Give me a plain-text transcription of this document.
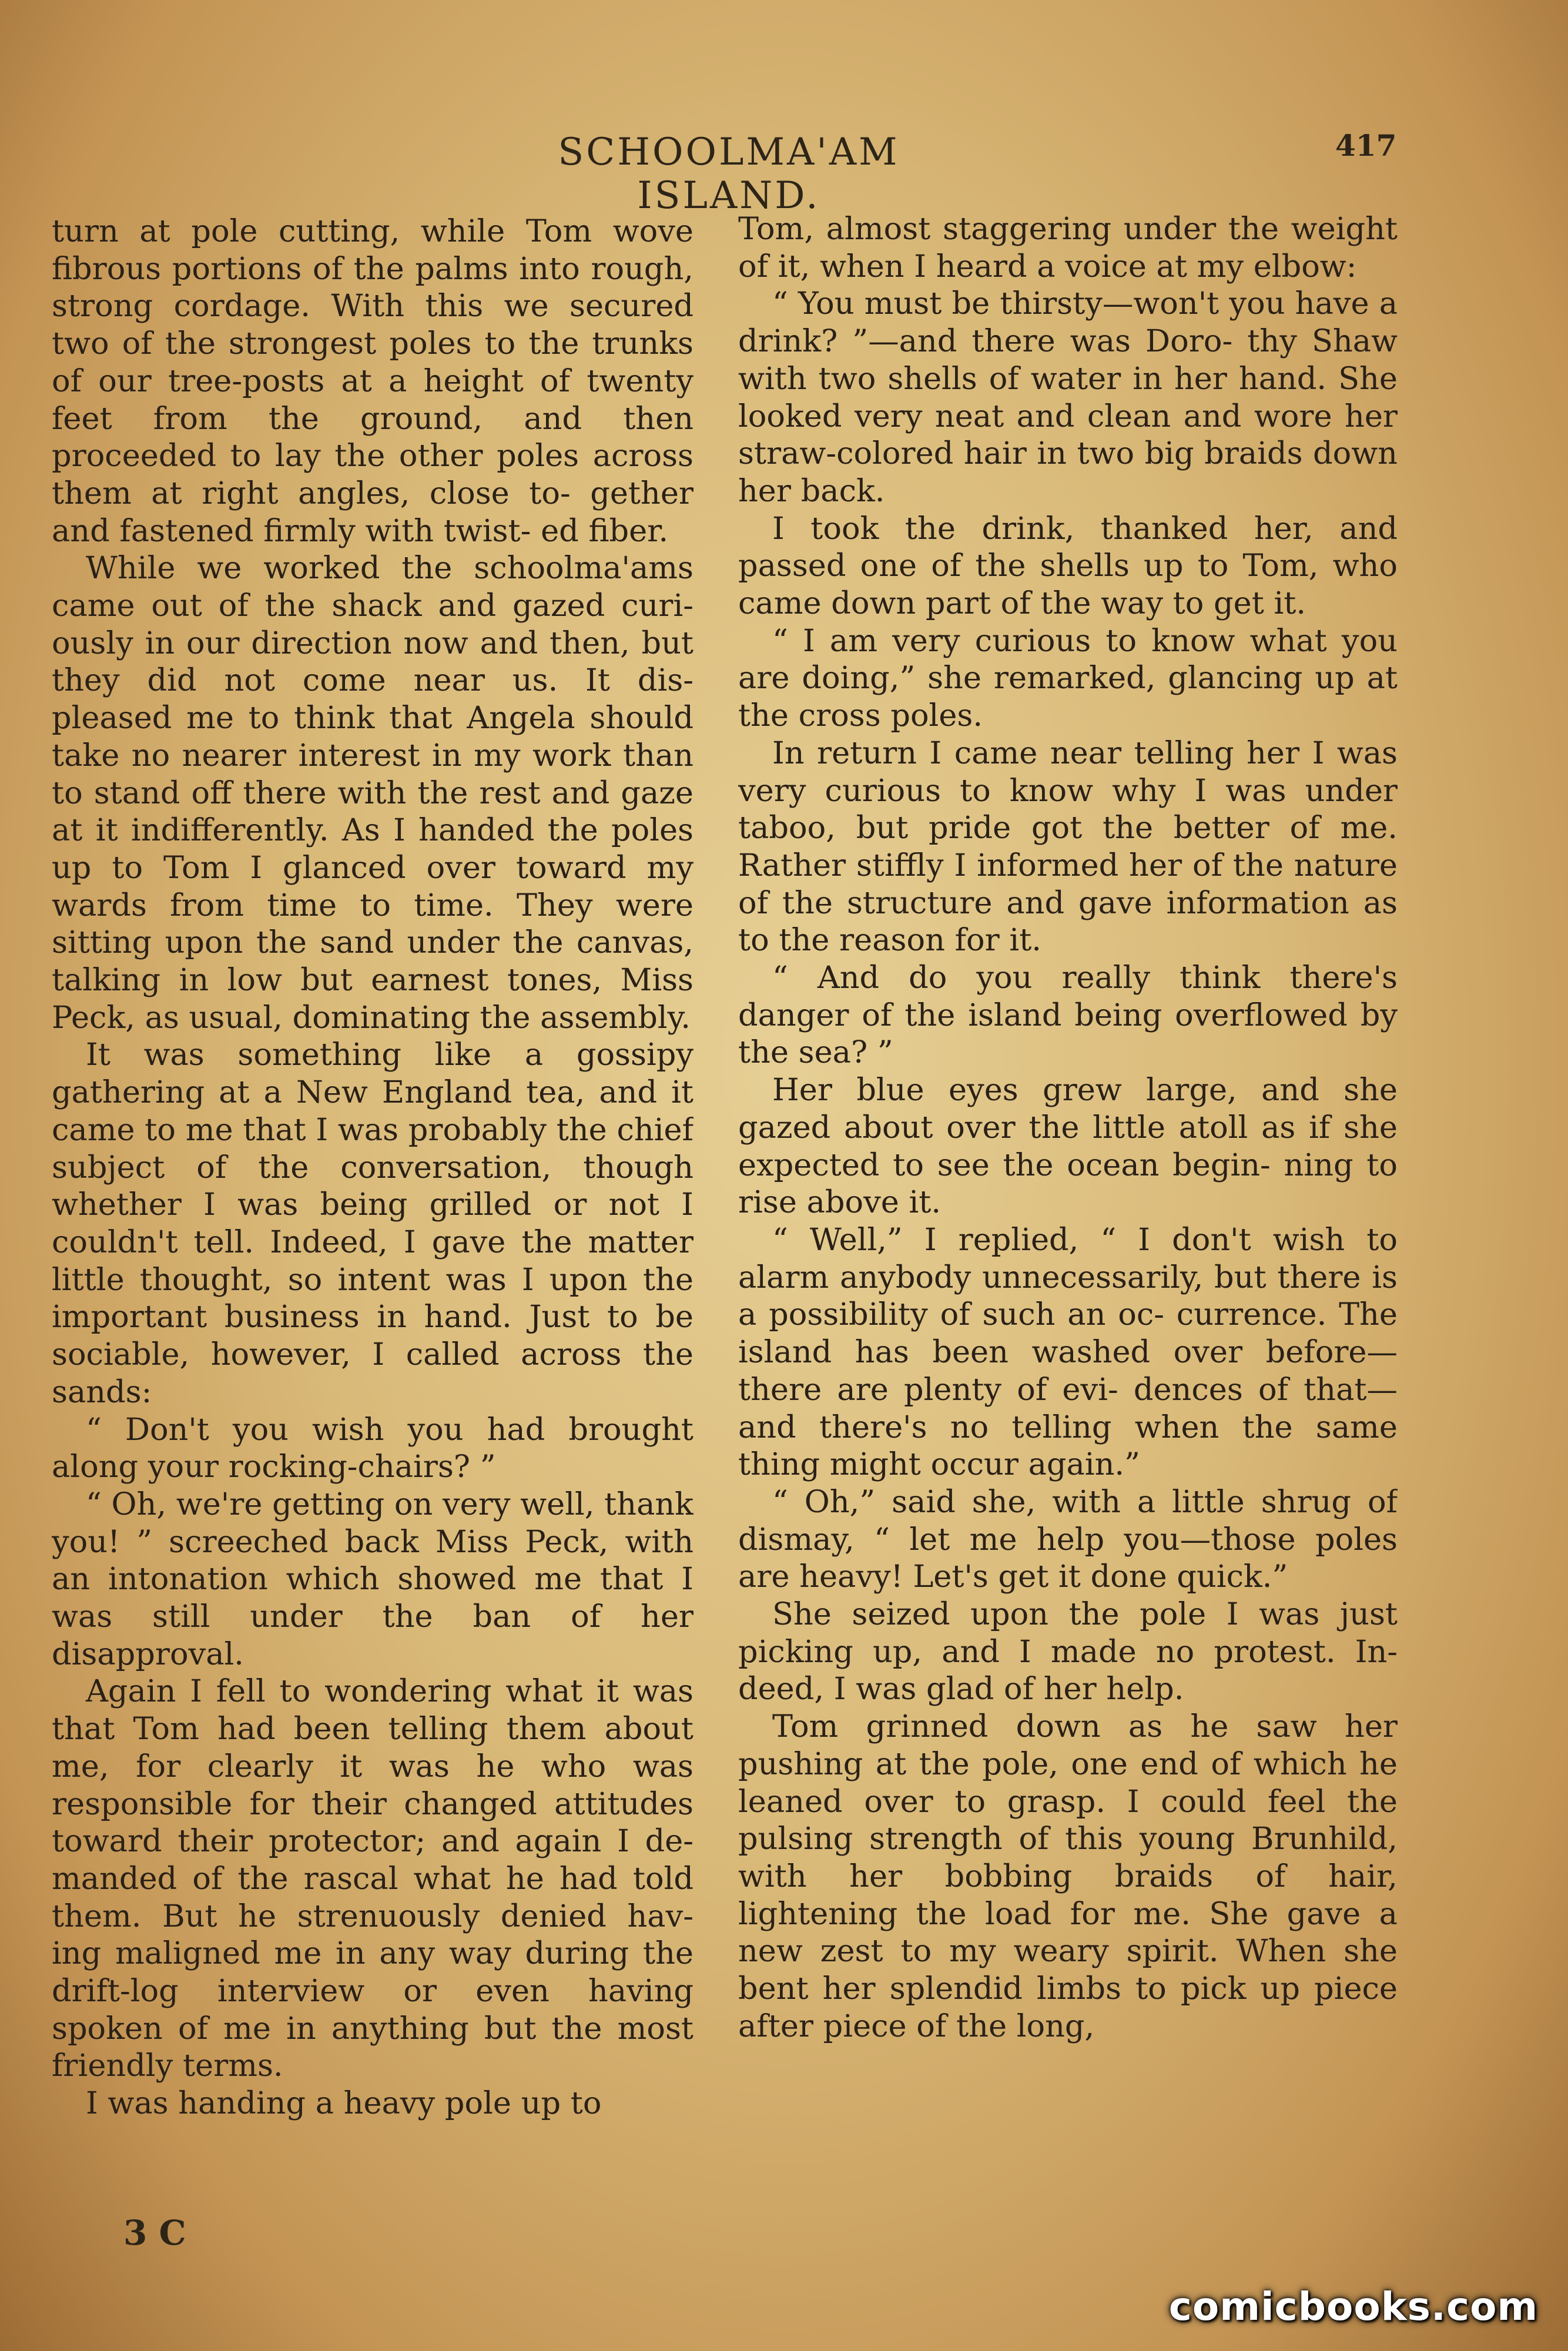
SCHOOLMA'AM ISLAND.
417

turn at pole cutting, while Tom wove fibrous portions of the palms into rough, strong cordage. With this we secured two of the strongest poles to the trunks of our tree-posts at a height of twenty feet from the ground, and then proceeded to lay the other poles across them at right angles, close to- gether and fastened firmly with twist- ed fiber.

While we worked the schoolma'ams came out of the shack and gazed curi- ously in our direction now and then, but they did not come near us. It dis- pleased me to think that Angela should take no nearer interest in my work than to stand off there with the rest and gaze at it indifferently. As I handed the poles up to Tom I glanced over toward my wards from time to time. They were sitting upon the sand under the canvas, talking in low but earnest tones, Miss Peck, as usual, dominating the assembly.

It was something like a gossipy gathering at a New England tea, and it came to me that I was probably the chief subject of the conversation, though whether I was being grilled or not I couldn't tell. Indeed, I gave the matter little thought, so intent was I upon the important business in hand. Just to be sociable, however, I called across the sands:

“ Don't you wish you had brought along your rocking-chairs? ”

“ Oh, we're getting on very well, thank you! ” screeched back Miss Peck, with an intonation which showed me that I was still under the ban of her disapproval.

Again I fell to wondering what it was that Tom had been telling them about me, for clearly it was he who was responsible for their changed attitudes toward their protector; and again I de- manded of the rascal what he had told them. But he strenuously denied hav- ing maligned me in any way during the drift-log interview or even having spoken of me in anything but the most friendly terms.

I was handing a heavy pole up to

Tom, almost staggering under the weight of it, when I heard a voice at my elbow:

“ You must be thirsty—won't you have a drink? ”—and there was Doro- thy Shaw with two shells of water in her hand. She looked very neat and clean and wore her straw-colored hair in two big braids down her back.

I took the drink, thanked her, and passed one of the shells up to Tom, who came down part of the way to get it.

“ I am very curious to know what you are doing,” she remarked, glancing up at the cross poles.

In return I came near telling her I was very curious to know why I was under taboo, but pride got the better of me. Rather stiffly I informed her of the nature of the structure and gave information as to the reason for it.

“ And do you really think there's danger of the island being overflowed by the sea? ”

Her blue eyes grew large, and she gazed about over the little atoll as if she expected to see the ocean begin- ning to rise above it.

“ Well,” I replied, “ I don't wish to alarm anybody unnecessarily, but there is a possibility of such an oc- currence. The island has been washed over before—there are plenty of evi- dences of that—and there's no telling when the same thing might occur again.”

“ Oh,” said she, with a little shrug of dismay, “ let me help you—those poles are heavy! Let's get it done quick.”

She seized upon the pole I was just picking up, and I made no protest. In- deed, I was glad of her help.

Tom grinned down as he saw her pushing at the pole, one end of which he leaned over to grasp. I could feel the pulsing strength of this young Brunhild, with her bobbing braids of hair, lightening the load for me. She gave a new zest to my weary spirit. When she bent her splendid limbs to pick up piece after piece of the long,

3 C
comicbooks.com
